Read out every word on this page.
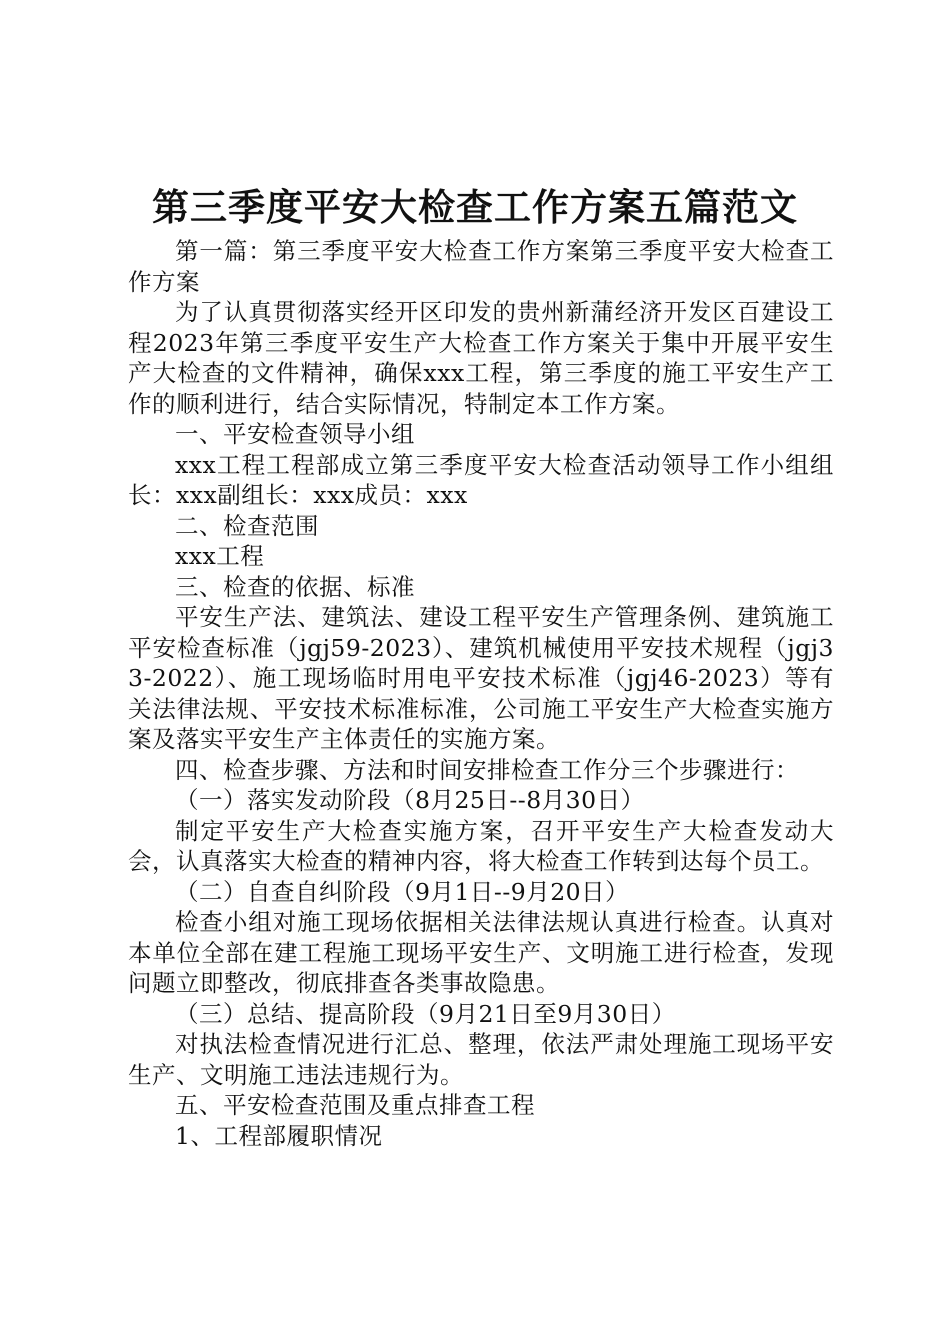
第三季度平安大检查工作方案五篇范文

第一篇：第三季度平安大检查工作方案第三季度平安大检查工作方案

为了认真贯彻落实经开区印发的贵州新蒲经济开发区百建设工程2023年第三季度平安生产大检查工作方案关于集中开展平安生产大检查的文件精神，确保xxx工程，第三季度的施工平安生产工作的顺利进行，结合实际情况，特制定本工作方案。

一、平安检查领导小组

xxx工程工程部成立第三季度平安大检查活动领导工作小组组长：xxx副组长：xxx成员：xxx

二、检查范围

xxx工程

三、检查的依据、标准

平安生产法、建筑法、建设工程平安生产管理条例、建筑施工平安检查标准（jgj59-2023）、建筑机械使用平安技术规程（jgj33-2022）、施工现场临时用电平安技术标准（jgj46-2023）等有关法律法规、平安技术标准标准，公司施工平安生产大检查实施方案及落实平安生产主体责任的实施方案。

四、检查步骤、方法和时间安排检查工作分三个步骤进行：

（一）落实发动阶段（8月25日--8月30日）

制定平安生产大检查实施方案，召开平安生产大检查发动大会，认真落实大检查的精神内容，将大检查工作转到达每个员工。

（二）自查自纠阶段（9月1日--9月20日）

检查小组对施工现场依据相关法律法规认真进行检查。认真对本单位全部在建工程施工现场平安生产、文明施工进行检查，发现问题立即整改，彻底排查各类事故隐患。

（三）总结、提高阶段（9月21日至9月30日）

对执法检查情况进行汇总、整理，依法严肃处理施工现场平安生产、文明施工违法违规行为。

五、平安检查范围及重点排查工程

1、工程部履职情况
